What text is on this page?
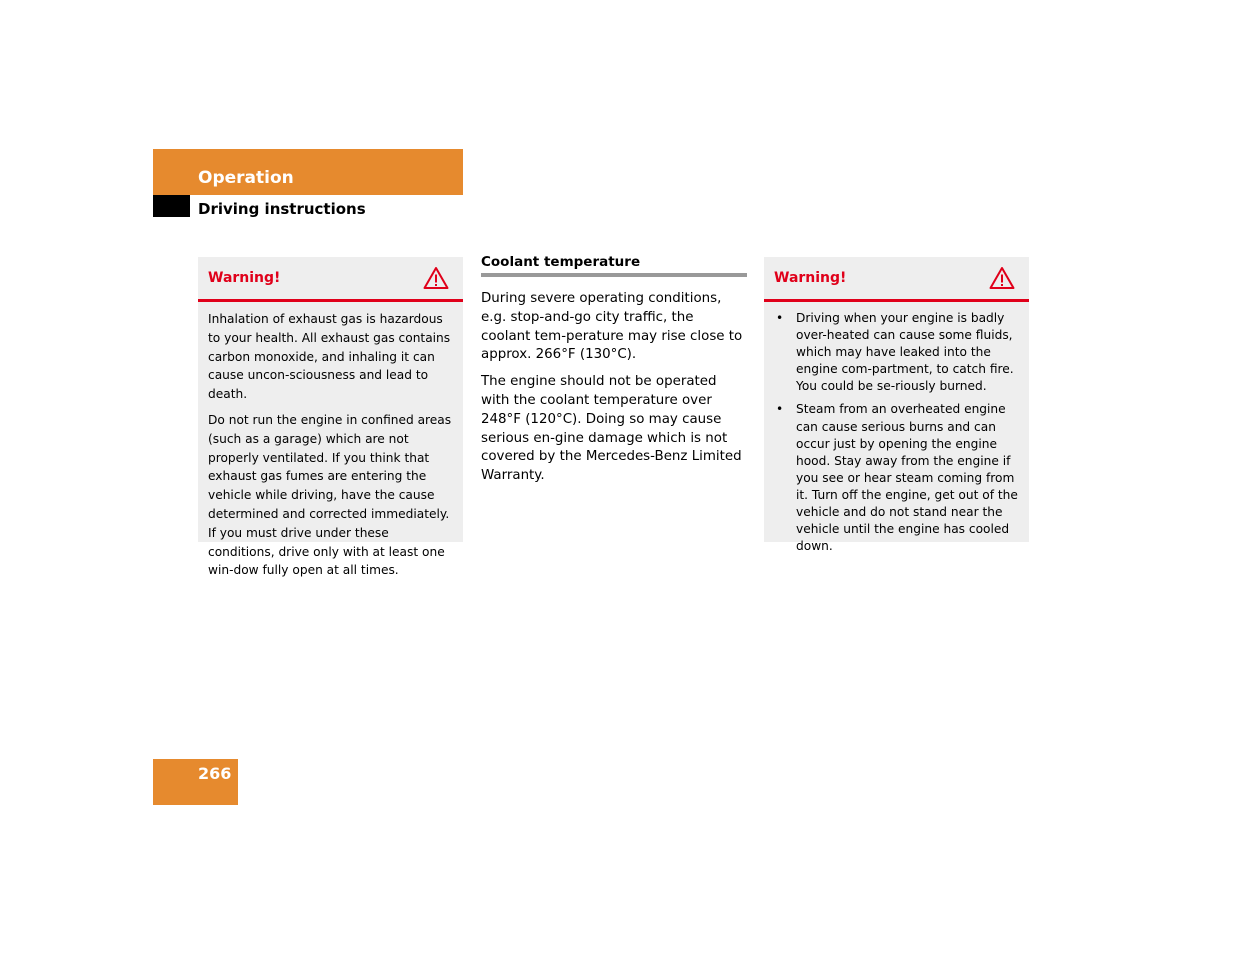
Operation
Driving instructions
Warning!

Inhalation of exhaust gas is hazardous to your health. All exhaust gas contains carbon monoxide, and inhaling it can cause uncon-sciousness and lead to death.

Do not run the engine in confined areas (such as a garage) which are not properly ventilated. If you think that exhaust gas fumes are entering the vehicle while driving, have the cause determined and corrected immediately. If you must drive under these conditions, drive only with at least one win-dow fully open at all times.

Coolant temperature

During severe operating conditions, e.g. stop-and-go city traffic, the coolant tem-perature may rise close to approx. 266°F (130°C).

The engine should not be operated with the coolant temperature over 248°F (120°C). Doing so may cause serious en-gine damage which is not covered by the Mercedes-Benz Limited Warranty.

Warning!
• Driving when your engine is badly over-heated can cause some fluids, which may have leaked into the engine com-partment, to catch fire. You could be se-riously burned.
• Steam from an overheated engine can cause serious burns and can occur just by opening the engine hood. Stay away from the engine if you see or hear steam coming from it. Turn off the engine, get out of the vehicle and do not stand near the vehicle until the engine has cooled down.
266
